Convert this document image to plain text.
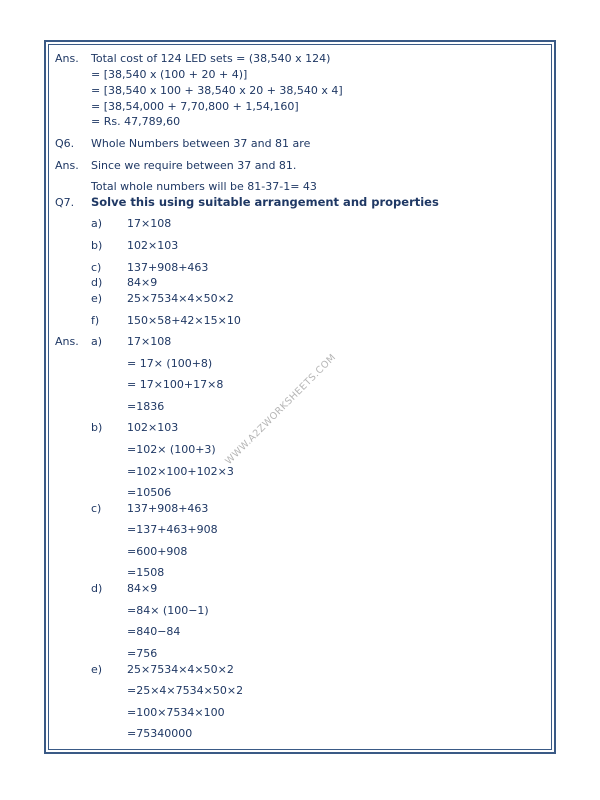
WWW.A2ZWORKSHEETS.COM
Ans. Total cost of 124 LED sets = (38,540 x 124)
= [38,540 x (100 + 20 + 4)]
= [38,540 x 100 + 38,540 x 20 + 38,540 x 4]
= [38,54,000 + 7,70,800 + 1,54,160]
= Rs. 47,789,60
Q6. Whole Numbers between 37 and 81 are
Ans. Since we require between 37 and 81.
Total whole numbers will be 81-37-1= 43
Q7. Solve this using suitable arrangement and properties
a) 17×108
b) 102×103
c) 137+908+463
d) 84×9
e) 25×7534×4×50×2
f)	150×58+42×15×10
Ans. a) 17×108
= 17× (100+8)
= 17×100+17×8
=1836
b) 102×103
=102× (100+3)
=102×100+102×3
=10506
c) 137+908+463
=137+463+908
=600+908
=1508
d) 84×9
=84× (100−1)
=840−84
=756
e) 25×7534×4×50×2
=25×4×7534×50×2
=100×7534×100
=75340000
